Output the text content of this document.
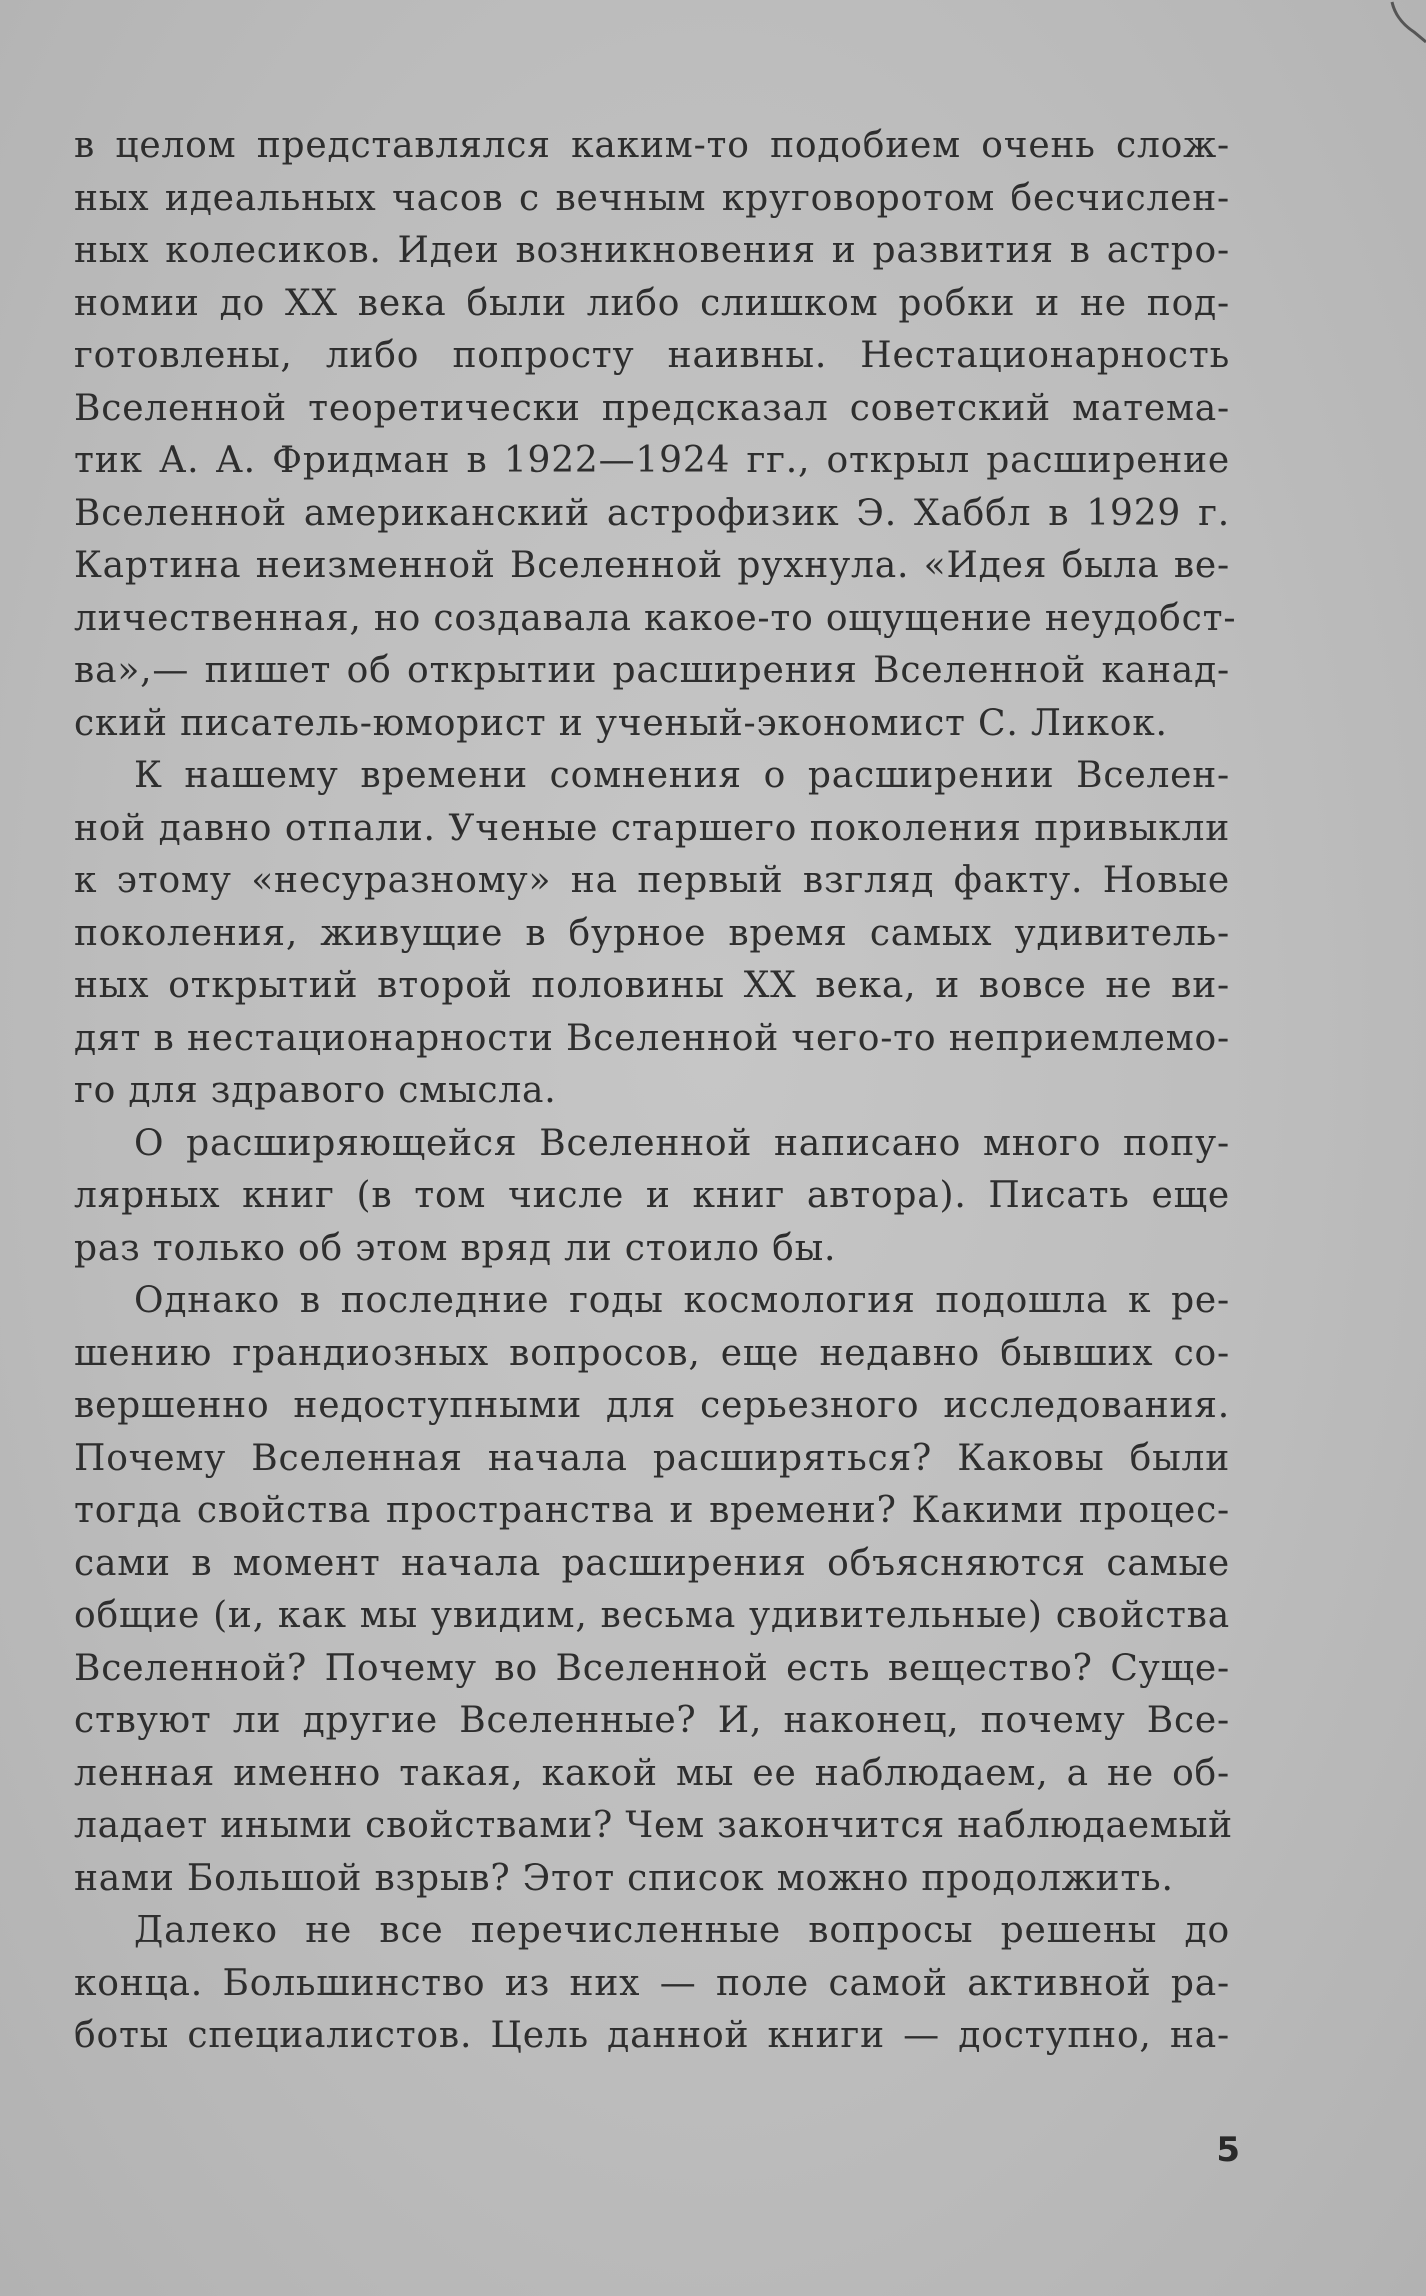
в целом представлялся каким-то подобием очень слож-
ных идеальных часов с вечным круговоротом бесчислен-
ных колесиков. Идеи возникновения и развития в астро-
номии до XX века были либо слишком робки и не под-
готовлены, либо попросту наивны. Нестационарность
Вселенной теоретически предсказал советский матема-
тик А. А. Фридман в 1922—1924 гг., открыл расширение
Вселенной американский астрофизик Э. Хаббл в 1929 г.
Картина неизменной Вселенной рухнула. «Идея была ве-
личественная, но создавала какое-то ощущение неудобст-
ва»,— пишет об открытии расширения Вселенной канад-
ский писатель-юморист и ученый-экономист С. Ликок.
К нашему времени сомнения о расширении Вселен-
ной давно отпали. Ученые старшего поколения привыкли
к этому «несуразному» на первый взгляд факту. Новые
поколения, живущие в бурное время самых удивитель-
ных открытий второй половины XX века, и вовсе не ви-
дят в нестационарности Вселенной чего-то неприемлемо-
го для здравого смысла.
О расширяющейся Вселенной написано много попу-
лярных книг (в том числе и книг автора). Писать еще
раз только об этом вряд ли стоило бы.
Однако в последние годы космология подошла к ре-
шению грандиозных вопросов, еще недавно бывших со-
вершенно недоступными для серьезного исследования.
Почему Вселенная начала расширяться? Каковы были
тогда свойства пространства и времени? Какими процес-
сами в момент начала расширения объясняются самые
общие (и, как мы увидим, весьма удивительные) свойства
Вселенной? Почему во Вселенной есть вещество? Суще-
ствуют ли другие Вселенные? И, наконец, почему Все-
ленная именно такая, какой мы ее наблюдаем, а не об-
ладает иными свойствами? Чем закончится наблюдаемый
нами Большой взрыв? Этот список можно продолжить.
Далеко не все перечисленные вопросы решены до
конца. Большинство из них — поле самой активной ра-
боты специалистов. Цель данной книги — доступно, на-
5
